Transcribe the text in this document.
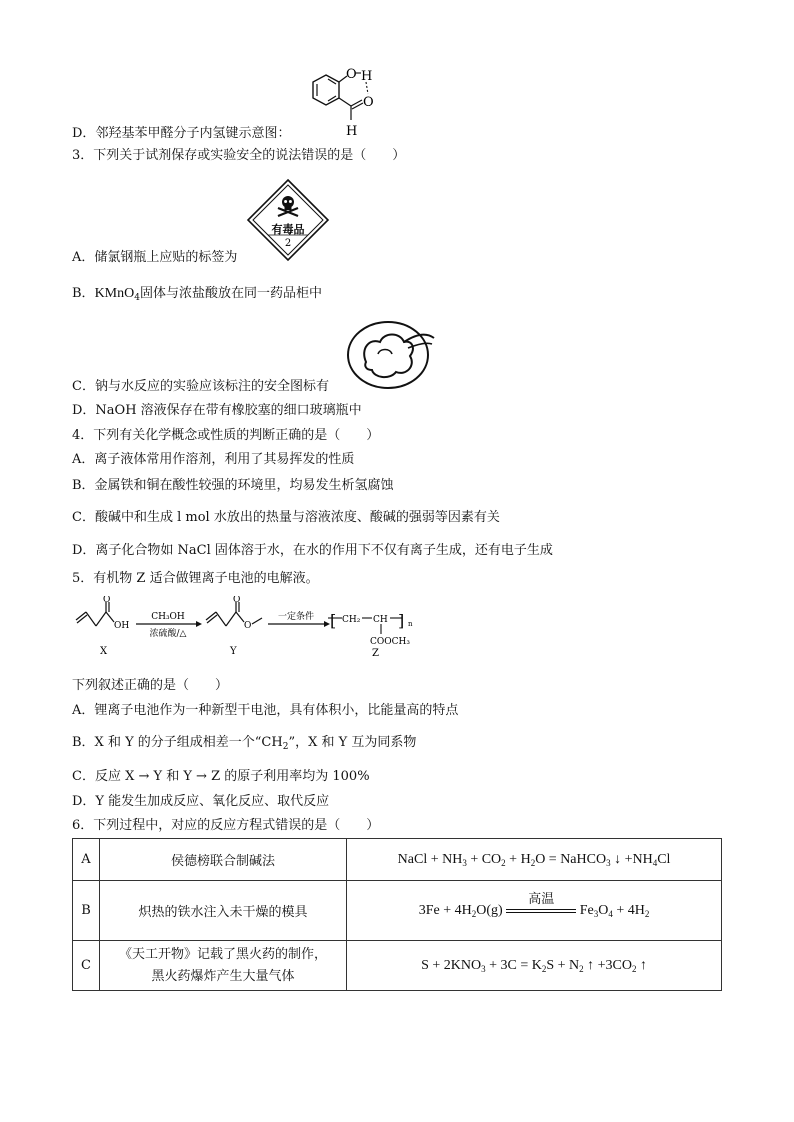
O H
O
H
D．邻羟基苯甲醛分子内氢键示意图：
3．下列关于试剂保存或实验安全的说法错误的是（　　）
有毒品
2
A．储氯钢瓶上应贴的标签为
B．KMnO$_4$固体与浓盐酸放在同一药品柜中
C．钠与水反应的实验应该标注的安全图标有
D．NaOH 溶液保存在带有橡胶塞的细口玻璃瓶中
4．下列有关化学概念或性质的判断正确的是（　　）
A．离子液体常用作溶剂，利用了其易挥发的性质
B．金属铁和铜在酸性较强的环境里，均易发生析氢腐蚀
C．酸碱中和生成 l mol 水放出的热量与溶液浓度、酸碱的强弱等因素有关
D．离子化合物如 NaCl 固体溶于水，在水的作用下不仅有离子生成，还有电子生成
5．有机物 Z 适合做锂离子电池的电解液。
O
OH
X
CH₃OH
浓硫酸/△
O
O
Y
一定条件 [ CH₂ CH ] n
COOCH₃
Z
下列叙述正确的是（　　）
A．锂离子电池作为一种新型干电池，具有体积小，比能量高的特点
B．X 和 Y 的分子组成相差一个“$CH_2$”，X 和 Y 互为同系物
C．反应 X → Y 和 Y → Z 的原子利用率均为 100%
D．Y 能发生加成反应、氧化反应、取代反应
6．下列过程中，对应的反应方程式错误的是（　　）
A	侯德榜联合制碱法	NaCl + $NH_3 + CO_2 + H_2O$ = NaHCO$_3$ ↓ $+NH_4Cl$
B	炽热的铁水注入未干燥的模具	$3Fe + 4H_2O(g)$
高温
$Fe_3O_4 + 4H_2$
C	《天工开物》记载了黑火药的制作，
黑火药爆炸产生大量气体	$S + 2KNO_3 + 3C = K_2S + N_2$ ↑ $+3CO_2$ ↑
